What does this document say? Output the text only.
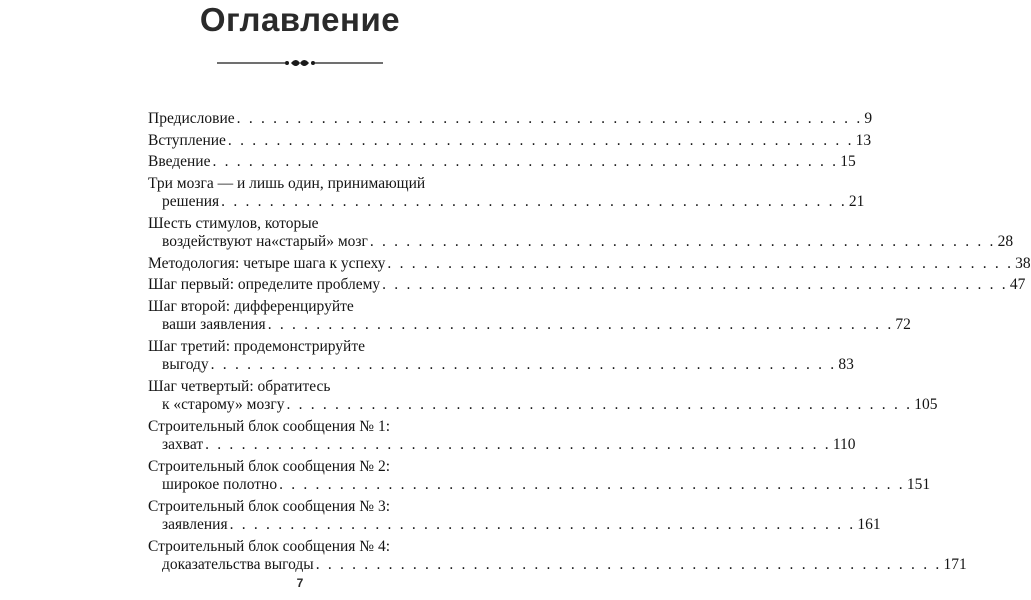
Оглавление
Предисловие . . . . . . . . . . . . . . . . . . . . . . . . . . . . . . . . . . . . . . . . . . . . . . . . . . . . 9
Вступление . . . . . . . . . . . . . . . . . . . . . . . . . . . . . . . . . . . . . . . . . . . . . . . . . . . . 13
Введение . . . . . . . . . . . . . . . . . . . . . . . . . . . . . . . . . . . . . . . . . . . . . . . . . . . . 15
Три мозга — и лишь один, принимающий
решения . . . . . . . . . . . . . . . . . . . . . . . . . . . . . . . . . . . . . . . . . . . . . . . . . . . . 21
Шесть стимулов, которые
воздействуют на«старый» мозг . . . . . . . . . . . . . . . . . . . . . . . . . . . . . . . . . . . . . . . . . . . . . . . . . . . . 28
Методология: четыре шага к успеху . . . . . . . . . . . . . . . . . . . . . . . . . . . . . . . . . . . . . . . . . . . . . . . . . . . . 38
Шаг первый: определите проблему . . . . . . . . . . . . . . . . . . . . . . . . . . . . . . . . . . . . . . . . . . . . . . . . . . . . 47
Шаг второй: дифференцируйте
ваши заявления . . . . . . . . . . . . . . . . . . . . . . . . . . . . . . . . . . . . . . . . . . . . . . . . . . . . 72
Шаг третий: продемонстрируйте
выгоду . . . . . . . . . . . . . . . . . . . . . . . . . . . . . . . . . . . . . . . . . . . . . . . . . . . . 83
Шаг четвертый: обратитесь
к «старому» мозгу . . . . . . . . . . . . . . . . . . . . . . . . . . . . . . . . . . . . . . . . . . . . . . . . . . . . 105
Строительный блок сообщения № 1:
захват . . . . . . . . . . . . . . . . . . . . . . . . . . . . . . . . . . . . . . . . . . . . . . . . . . . . 110
Строительный блок сообщения № 2:
широкое полотно . . . . . . . . . . . . . . . . . . . . . . . . . . . . . . . . . . . . . . . . . . . . . . . . . . . . 151
Строительный блок сообщения № 3:
заявления . . . . . . . . . . . . . . . . . . . . . . . . . . . . . . . . . . . . . . . . . . . . . . . . . . . . 161
Строительный блок сообщения № 4:
доказательства выгоды . . . . . . . . . . . . . . . . . . . . . . . . . . . . . . . . . . . . . . . . . . . . . . . . . . . . 171
7
